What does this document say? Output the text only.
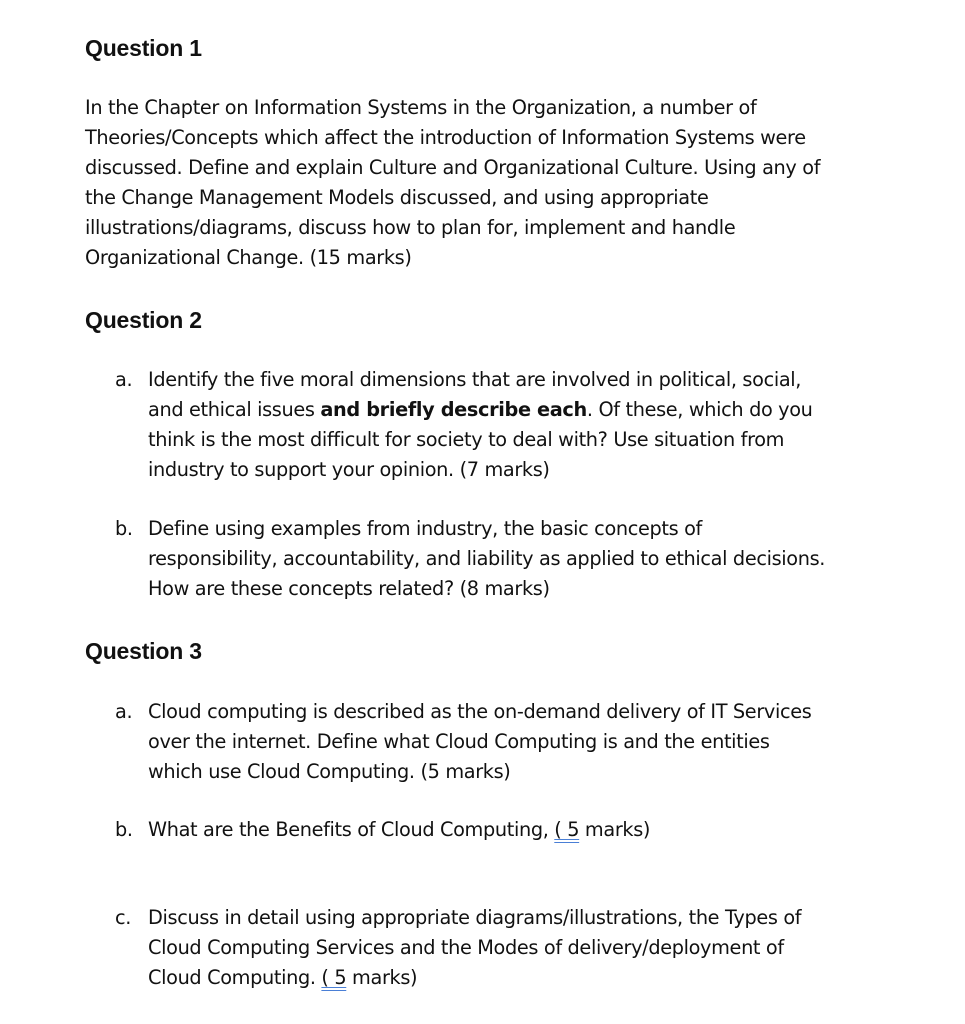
Question 1

In the Chapter on Information Systems in the Organization, a number of
Theories/Concepts which affect the introduction of Information Systems were
discussed. Define and explain Culture and Organizational Culture. Using any of
the Change Management Models discussed, and using appropriate
illustrations/diagrams, discuss how to plan for, implement and handle
Organizational Change. (15 marks)

Question 2
a. Identify the five moral dimensions that are involved in political, social,
and ethical issues and briefly describe each. Of these, which do you
think is the most difficult for society to deal with? Use situation from
industry to support your opinion. (7 marks)
b. Define using examples from industry, the basic concepts of
responsibility, accountability, and liability as applied to ethical decisions.
How are these concepts related? (8 marks)
Question 3
a. Cloud computing is described as the on-demand delivery of IT Services
over the internet. Define what Cloud Computing is and the entities
which use Cloud Computing. (5 marks)
b. What are the Benefits of Cloud Computing, ( 5 marks)
c. Discuss in detail using appropriate diagrams/illustrations, the Types of
Cloud Computing Services and the Modes of delivery/deployment of
Cloud Computing. ( 5 marks)
